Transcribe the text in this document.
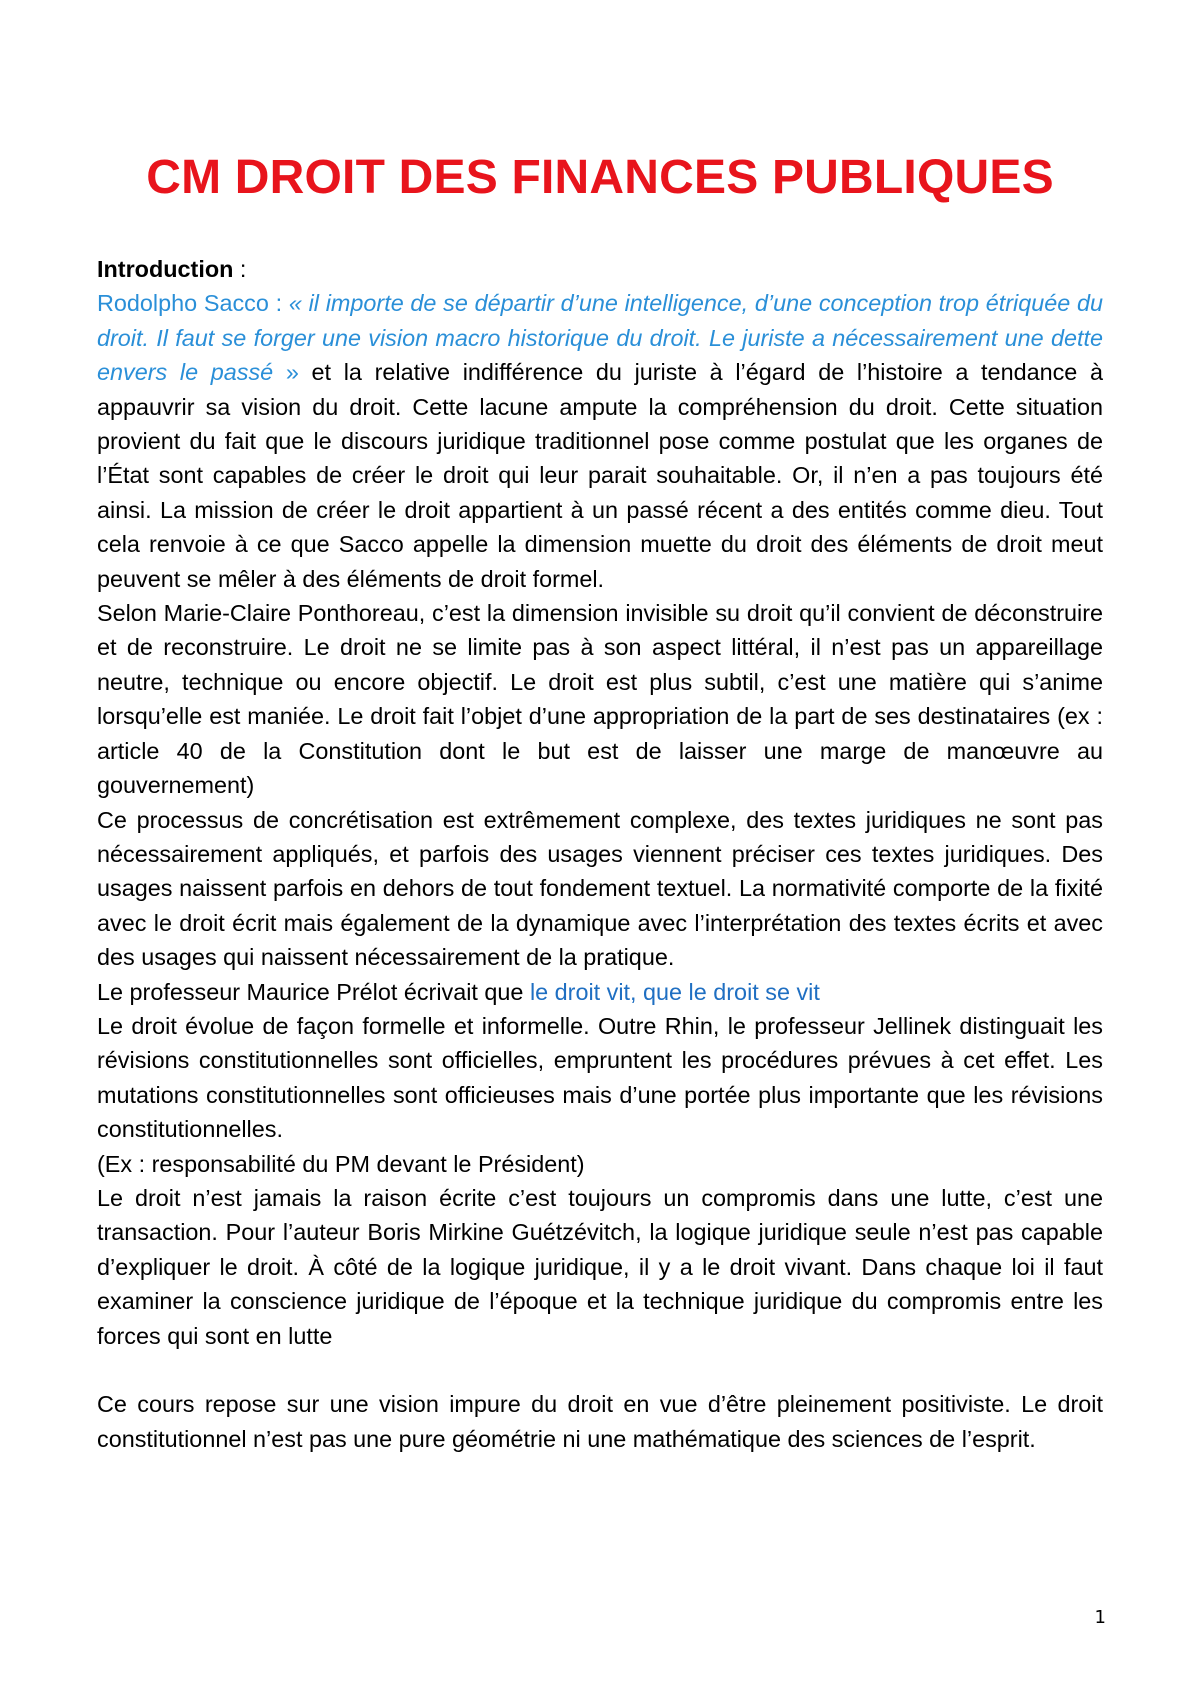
CM DROIT DES FINANCES PUBLIQUES

Introduction :

Rodolpho Sacco : « il importe de se départir d’une intelligence, d’une conception trop étriquée du droit. Il faut se forger une vision macro historique du droit. Le juriste a nécessairement une dette envers le passé » et la relative indifférence du juriste à l’égard de l’histoire a tendance à appauvrir sa vision du droit. Cette lacune ampute la compréhension du droit. Cette situation provient du fait que le discours juridique traditionnel pose comme postulat que les organes de l’État sont capables de créer le droit qui leur parait souhaitable. Or, il n’en a pas toujours été ainsi. La mission de créer le droit appartient à un passé récent a des entités comme dieu. Tout cela renvoie à ce que Sacco appelle la dimension muette du droit des éléments de droit meut peuvent se mêler à des éléments de droit formel.

Selon Marie-Claire Ponthoreau, c’est la dimension invisible su droit qu’il convient de déconstruire et de reconstruire. Le droit ne se limite pas à son aspect littéral, il n’est pas un appareillage neutre, technique ou encore objectif. Le droit est plus subtil, c’est une matière qui s’anime lorsqu’elle est maniée. Le droit fait l’objet d’une appropriation de la part de ses destinataires (ex : article 40 de la Constitution dont le but est de laisser une marge de manœuvre au gouvernement)

Ce processus de concrétisation est extrêmement complexe, des textes juridiques ne sont pas nécessairement appliqués, et parfois des usages viennent préciser ces textes juridiques. Des usages naissent parfois en dehors de tout fondement textuel. La normativité comporte de la fixité avec le droit écrit mais également de la dynamique avec l’interprétation des textes écrits et avec des usages qui naissent nécessairement de la pratique.

Le professeur Maurice Prélot écrivait que le droit vit, que le droit se vit

Le droit évolue de façon formelle et informelle. Outre Rhin, le professeur Jellinek distinguait les révisions constitutionnelles sont officielles, empruntent les procédures prévues à cet effet. Les mutations constitutionnelles sont officieuses mais d’une portée plus importante que les révisions constitutionnelles.

(Ex : responsabilité du PM devant le Président)

Le droit n’est jamais la raison écrite c’est toujours un compromis dans une lutte, c’est une transaction. Pour l’auteur Boris Mirkine Guétzévitch, la logique juridique seule n’est pas capable d’expliquer le droit. À côté de la logique juridique, il y a le droit vivant. Dans chaque loi il faut examiner la conscience juridique de l’époque et la technique juridique du compromis entre les forces qui sont en lutte

Ce cours repose sur une vision impure du droit en vue d’être pleinement positiviste. Le droit constitutionnel n’est pas une pure géométrie ni une mathématique des sciences de l’esprit.

1
